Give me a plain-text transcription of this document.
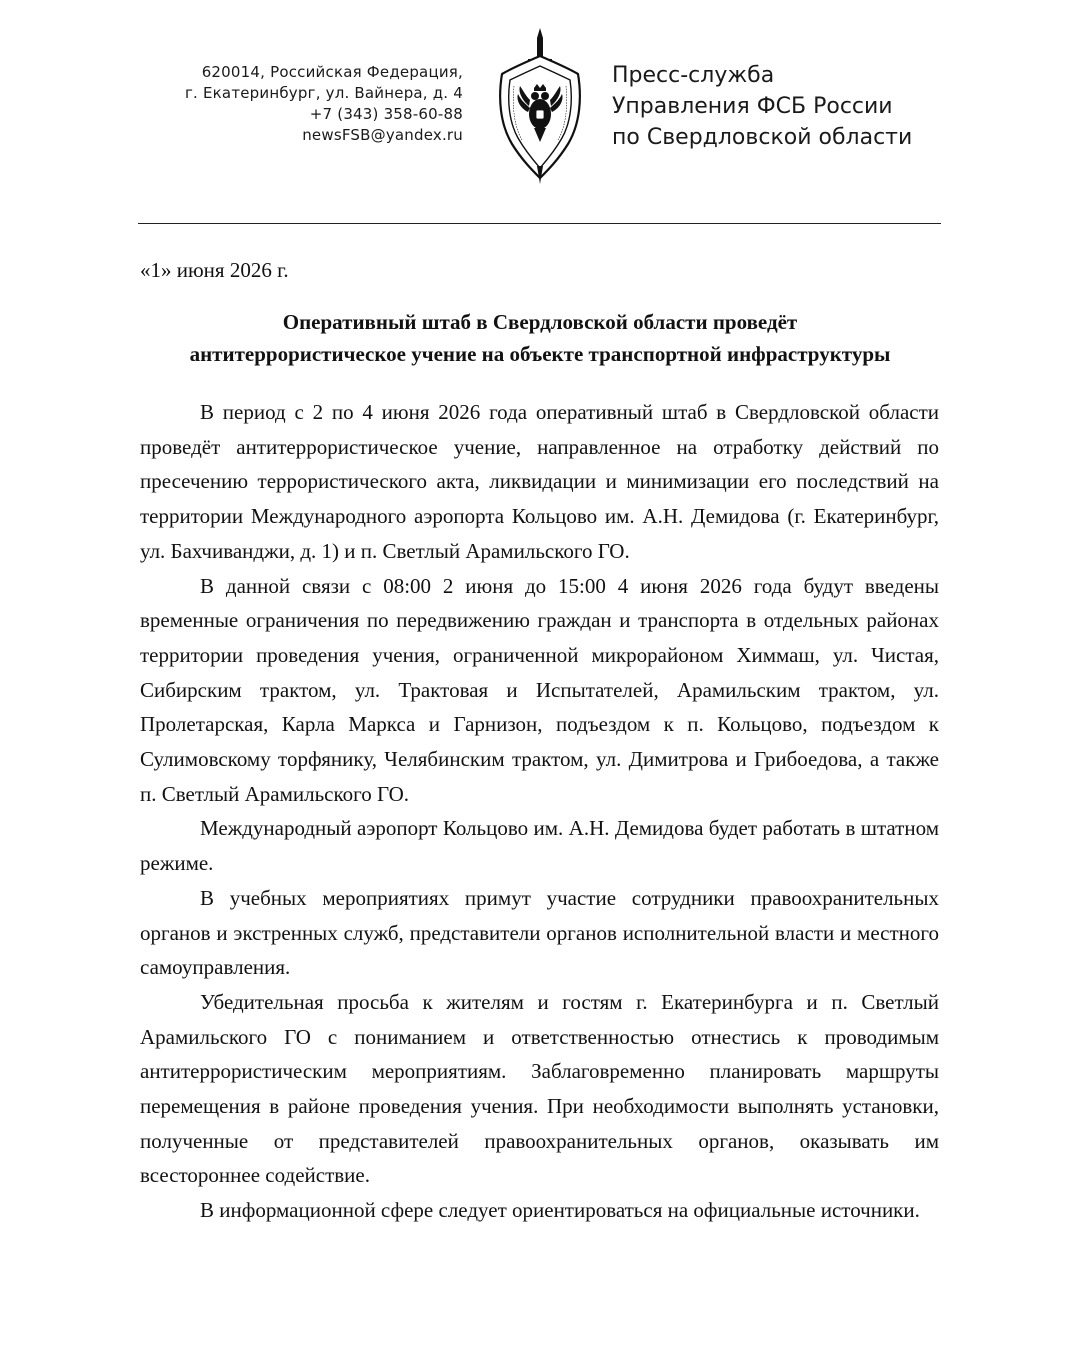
620014, Российская Федерация,
г. Екатеринбург, ул. Вайнера, д. 4
+7 (343) 358-60-88
newsFSB@yandex.ru
Пресс-служба
Управления ФСБ России
по Свердловской области
«1» июня 2026 г.
Оперативный штаб в Свердловской области проведёт
антитеррористическое учение на объекте транспортной инфраструктуры

В период с 2 по 4 июня 2026 года оперативный штаб в Свердловской области проведёт антитеррористическое учение, направленное на отработку действий по пресечению террористического акта, ликвидации и минимизации его последствий на территории Международного аэропорта Кольцово им. А.Н. Демидова (г. Екатеринбург, ул. Бахчиванджи, д. 1) и п. Светлый Арамильского ГО.

В данной связи с 08:00 2 июня до 15:00 4 июня 2026 года будут введены временные ограничения по передвижению граждан и транспорта в отдельных районах территории проведения учения, ограниченной микрорайоном Химмаш, ул. Чистая, Сибирским трактом, ул. Трактовая и Испытателей, Арамильским трактом, ул. Пролетарская, Карла Маркса и Гарнизон, подъездом к п. Кольцово, подъездом к Сулимовскому торфянику, Челябинским трактом, ул. Димитрова и Грибоедова, а также п. Светлый Арамильского ГО.

Международный аэропорт Кольцово им. А.Н. Демидова будет работать в штатном режиме.

В учебных мероприятиях примут участие сотрудники правоохранительных органов и экстренных служб, представители органов исполнительной власти и местного самоуправления.

Убедительная просьба к жителям и гостям г. Екатеринбурга и п. Светлый Арамильского ГО с пониманием и ответственностью отнестись к проводимым антитеррористическим мероприятиям. Заблаговременно планировать маршруты перемещения в районе проведения учения. При необходимости выполнять установки, полученные от представителей правоохранительных органов, оказывать им всестороннее содействие.

В информационной сфере следует ориентироваться на официальные источники.
